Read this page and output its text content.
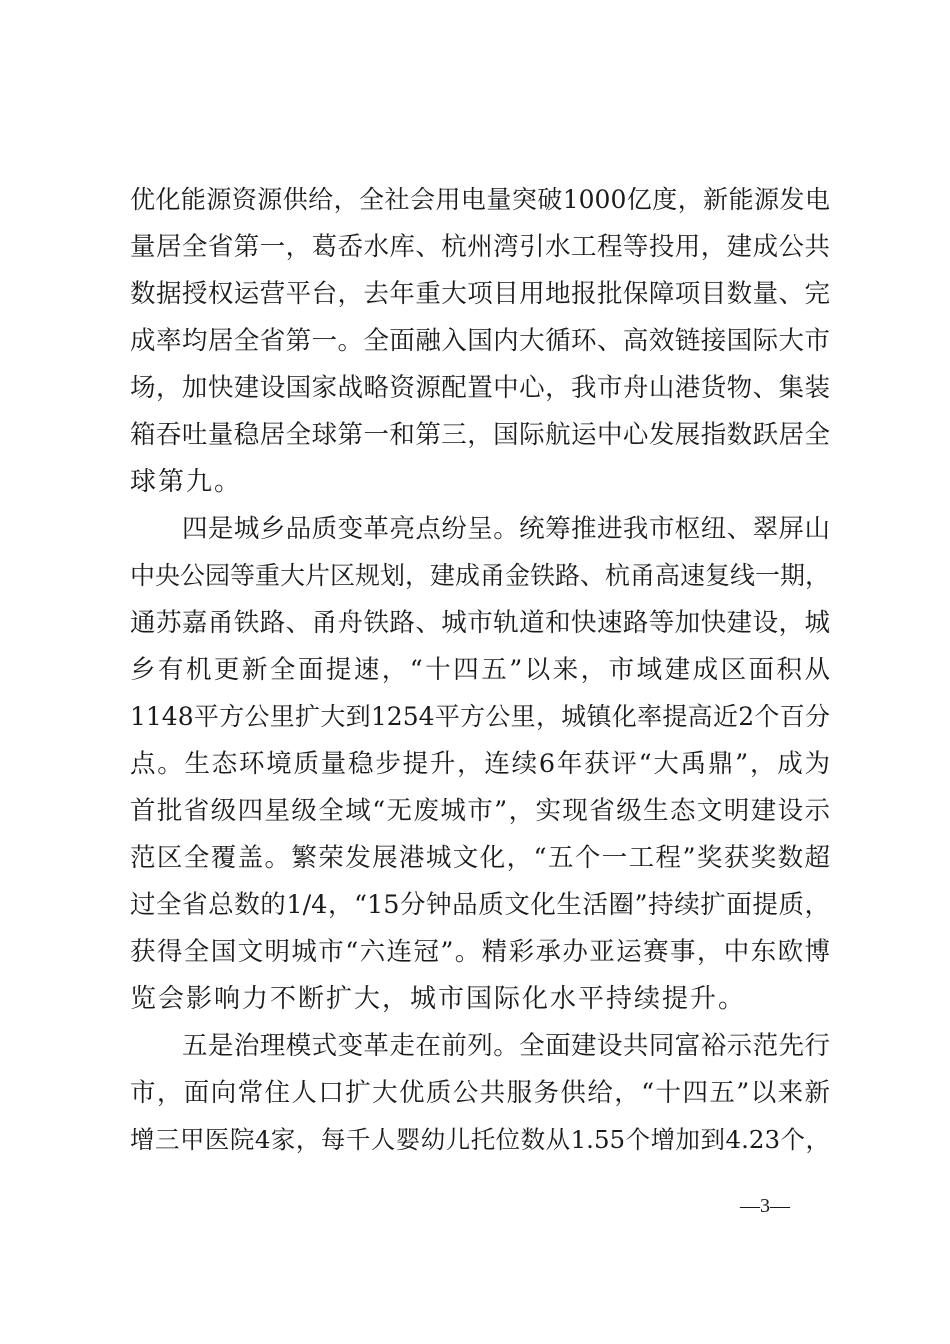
优化能源资源供给，全社会用电量突破1000亿度，新能源发电
量居全省第一，葛岙水库、杭州湾引水工程等投用，建成公共
数据授权运营平台，去年重大项目用地报批保障项目数量、完
成率均居全省第一。全面融入国内大循环、高效链接国际大市
场，加快建设国家战略资源配置中心，我市舟山港货物、集装
箱吞吐量稳居全球第一和第三，国际航运中心发展指数跃居全
球第九。
四是城乡品质变革亮点纷呈。统筹推进我市枢纽、翠屏山
中央公园等重大片区规划，建成甬金铁路、杭甬高速复线一期，
通苏嘉甬铁路、甬舟铁路、城市轨道和快速路等加快建设，城
乡有机更新全面提速，“十四五”以来，市域建成区面积从
1148平方公里扩大到1254平方公里，城镇化率提高近2个百分
点。生态环境质量稳步提升，连续6年获评“大禹鼎”，成为
首批省级四星级全域“无废城市”，实现省级生态文明建设示
范区全覆盖。繁荣发展港城文化，“五个一工程”奖获奖数超
过全省总数的1/4，“15分钟品质文化生活圈”持续扩面提质，
获得全国文明城市“六连冠”。精彩承办亚运赛事，中东欧博
览会影响力不断扩大，城市国际化水平持续提升。
五是治理模式变革走在前列。全面建设共同富裕示范先行
市，面向常住人口扩大优质公共服务供给，“十四五”以来新
增三甲医院4家，每千人婴幼儿托位数从1.55个增加到4.23个，
—3—
